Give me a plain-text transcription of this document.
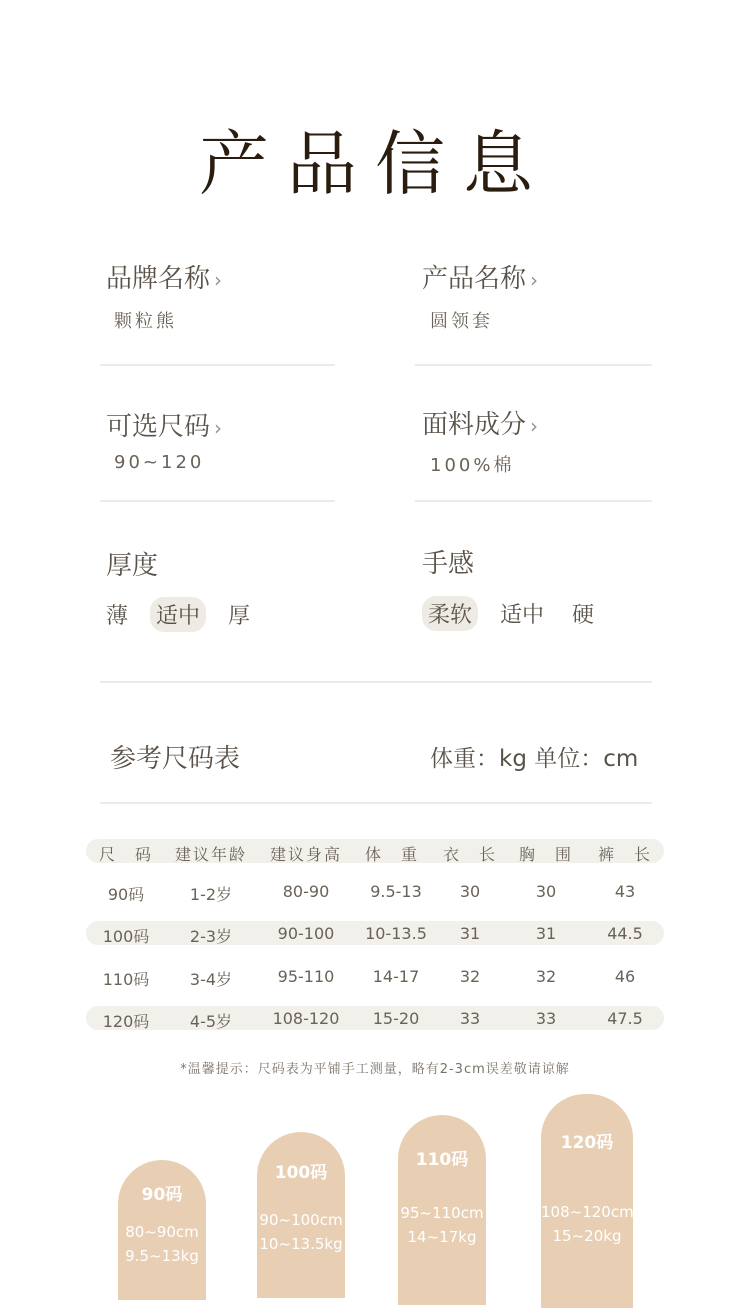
产品信息
品牌名称 ›
颗粒熊
产品名称 ›
圆领套
可选尺码 ›
90~120
面料成分 ›
100%棉
厚度
薄 适中 厚
手感
柔软 适中 硬
参考尺码表	体重：kg 单位：cm
尺　码	建议年龄	建议身高	体　重	衣　长	胸　围	裤　长
90码	1-2岁	80-90	9.5-13	30	30	43
100码	2-3岁	90-100	10-13.5	31	31	44.5
110码	3-4岁	95-110	14-17	32	32	46
120码	4-5岁	108-120	15-20	33	33	47.5
*温馨提示：尺码表为平铺手工测量，略有2-3cm误差敬请谅解
90码
80~90cm
9.5~13kg
100码
90~100cm
10~13.5kg
110码
95~110cm
14~17kg
120码
108~120cm
15~20kg
